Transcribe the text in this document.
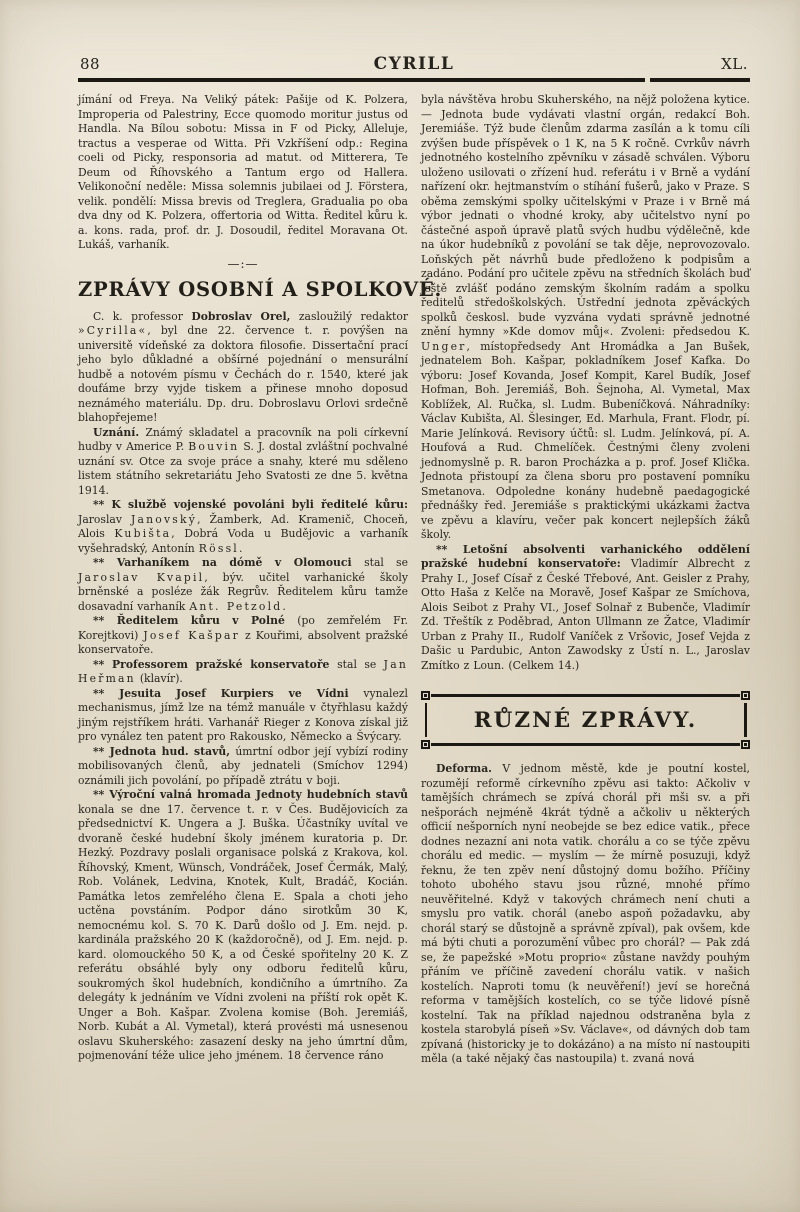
88	CYRILL	XL.

jímání od Freya. Na Veliký pátek: Pašije od K. Polzera, Improperia od Palestriny, Ecce quomodo moritur justus od Handla. Na Bílou sobotu: Missa in F od Picky, Alleluje, tractus a vesperae od Witta. Při Vzkříšení odp.: Regina coeli od Picky, responsoria ad matut. od Mitterera, Te Deum od Říhovského a Tantum ergo od Hallera. Velikonoční neděle: Missa solemnis jubilaei od J. Förstera, velik. pondělí: Missa brevis od Treglera, Gradualia po oba dva dny od K. Polzera, offertoria od Witta. Ředitel kůru k. a. kons. rada, prof. dr. J. Dosoudil, ředitel Moravana Ot. Lukáš, varhaník.

—:—
ZPRÁVY OSOBNÍ A SPOLKOVÉ.

C. k. professor Dobroslav Orel, zasloužilý redaktor »Cyrilla«, byl dne 22. července t. r. povýšen na universitě vídeňské za doktora filosofie. Dissertační prací jeho bylo důkladné a obšírné pojednání o mensurální hudbě a notovém písmu v Čechách do r. 1540, které jak doufáme brzy vyjde tiskem a přinese mnoho doposud neznámého materiálu. Dp. dru. Dobroslavu Orlovi srdečně blahopřejeme!

Uznání. Známý skladatel a pracovník na poli církevní hudby v Americe P. Bouvin S. J. dostal zvláštní pochvalné uznání sv. Otce za svoje práce a snahy, které mu sděleno listem státního sekretariátu Jeho Svatosti ze dne 5. května 1914.

** K službě vojenské povoláni byli ředitelé kůru: Jaroslav Janovský, Žamberk, Ad. Kramenič, Choceň, Alois Kubišta, Dobrá Voda u Budějovic a varhaník vyšehradský, Antonín Rössl.

** Varhaníkem na dómě v Olomouci stal se Jaroslav Kvapil, býv. učitel varhanické školy brněnské a posléze žák Regrův. Ředitelem kůru tamže dosavadní varhaník Ant. Petzold.

** Ředitelem kůru v Polné (po zemřelém Fr. Korejtkovi) Josef Kašpar z Kouřimi, absolvent pražské konservatoře.

** Professorem pražské konservatoře stal se Jan Heřman (klavír).

** Jesuita Josef Kurpiers ve Vídni vynalezl mechanismus, jímž lze na témž manuále v čtyřhlasu každý jiným rejstříkem hráti. Varhanář Rieger z Konova získal již pro vynález ten patent pro Rakousko, Německo a Švýcary.

** Jednota hud. stavů, úmrtní odbor její vybízí rodiny mobilisovaných členů, aby jednateli (Smíchov 1294) oznámili jich povolání, po případě ztrátu v boji.

** Výroční valná hromada Jednoty hudebních stavů konala se dne 17. července t. r. v Čes. Budějovicích za předsednictví K. Ungera a J. Buška. Účastníky uvítal ve dvoraně české hudební školy jménem kuratoria p. Dr. Hezký. Pozdravy poslali organisace polská z Krakova, kol. Říhovský, Kment, Wünsch, Vondráček, Josef Čermák, Malý, Rob. Volánek, Ledvina, Knotek, Kult, Bradáč, Kocián. Památka letos zemřelého člena E. Spala a choti jeho uctěna povstáním. Podpor dáno sirotkům 30 K, nemocnému kol. S. 70 K. Darů došlo od J. Em. nejd. p. kardinála pražského 20 K (každoročně), od J. Em. nejd. p. kard. olomouckého 50 K, a od České spořitelny 20 K. Z referátu obsáhlé byly ony odboru ředitelů kůru, soukromých škol hudebních, kondičního a úmrtního. Za delegáty k jednáním ve Vídni zvoleni na příští rok opět K. Unger a Boh. Kašpar. Zvolena komise (Boh. Jeremiáš, Norb. Kubát a Al. Vymetal), která provésti má usnesenou oslavu Skuherského: zasazení desky na jeho úmrtní dům, pojmenování téže ulice jeho jménem. 18 července ráno

byla návštěva hrobu Skuherského, na nějž položena kytice. — Jednota bude vydávati vlastní orgán, redakcí Boh. Jeremiáše. Týž bude členům zdarma zasílán a k tomu cíli zvýšen bude příspěvek o 1 K, na 5 K ročně. Cvrkův návrh jednotného kostelního zpěvníku v zásadě schválen. Výboru uloženo usilovati o zřízení hud. referátu i v Brně a vydání nařízení okr. hejtmanstvím o stíhání fušerů, jako v Praze. S oběma zemskými spolky učitelskými v Praze i v Brně má výbor jednati o vhodné kroky, aby učitelstvo nyní po částečné aspoň úpravě platů svých hudbu výdělečně, kde na úkor hudebníků z povolání se tak děje, neprovozovalo. Loňských pět návrhů bude předloženo k podpisům a zadáno. Podání pro učitele zpěvu na středních školách buď ještě zvlášť podáno zemským školním radám a spolku ředitelů středoškolských. Ústřední jednota zpěváckých spolků českosl. bude vyzvána vydati správně jednotné znění hymny »Kde domov můj«. Zvoleni: předsedou K. Unger, místopředsedy Ant Hromádka a Jan Bušek, jednatelem Boh. Kašpar, pokladníkem Josef Kafka. Do výboru: Josef Kovanda, Josef Kompit, Karel Budík, Josef Hofman, Boh. Jeremiáš, Boh. Šejnoha, Al. Vymetal, Max Koblížek, Al. Ručka, sl. Ludm. Bubeníčková. Náhradníky: Václav Kubišta, Al. Šlesinger, Ed. Marhula, Frant. Flodr, pí. Marie Jelínková. Revisory účtů: sl. Ludm. Jelínková, pí. A. Houfová a Rud. Chmelíček. Čestnými členy zvoleni jednomyslně p. R. baron Procházka a p. prof. Josef Klička. Jednota přistoupí za člena sboru pro postavení pomníku Smetanova. Odpoledne konány hudebně paedagogické přednášky řed. Jeremiáše s praktickými ukázkami žactva ve zpěvu a klavíru, večer pak koncert nejlepších žáků školy.

** Letošní absolventi varhanického oddělení pražské hudební konservatoře: Vladimír Albrecht z Prahy I., Josef Císař z České Třebové, Ant. Geisler z Prahy, Otto Haša z Kelče na Moravě, Josef Kašpar ze Smíchova, Alois Seibot z Prahy VI., Josef Solnař z Bubenče, Vladimír Zd. Třeštík z Poděbrad, Anton Ullmann ze Žatce, Vladimír Urban z Prahy II., Rudolf Vaníček z Vršovic, Josef Vejda z Dašic u Pardubic, Anton Zawodsky z Ústí n. L., Jaroslav Zmítko z Loun. (Celkem 14.)

RŮZNÉ ZPRÁVY.

Deforma. V jednom městě, kde je poutní kostel, rozumějí reformě církevního zpěvu asi takto: Ačkoliv v tamějších chrámech se zpívá chorál při mši sv. a při nešporách nejméně 4krát týdně a ačkoliv u některých officií nešporních nyní neobejde se bez edice vatik., přece dodnes nezazní ani nota vatik. chorálu a co se týče zpěvu chorálu ed medic. — myslím — že mírně posuzuji, když řeknu, že ten zpěv není důstojný domu božího. Příčiny tohoto ubohého stavu jsou různé, mnohé přímo neuvěřitelné. Když v takových chrámech není chuti a smyslu pro vatik. chorál (anebo aspoň požadavku, aby chorál starý se důstojně a správně zpíval), pak ovšem, kde má býti chuti a porozumění vůbec pro chorál? — Pak zdá se, že papežské »Motu proprio« zůstane navždy pouhým přáním ve příčině zavedení chorálu vatik. v našich kostelích. Naproti tomu (k neuvěření!) jeví se horečná reforma v tamějších kostelích, co se týče lidové písně kostelní. Tak na příklad najednou odstraněna byla z kostela starobylá píseň »Sv. Václave«, od dávných dob tam zpívaná (historicky je to dokázáno) a na místo ní nastoupiti měla (a také nějaký čas nastoupila) t. zvaná nová
